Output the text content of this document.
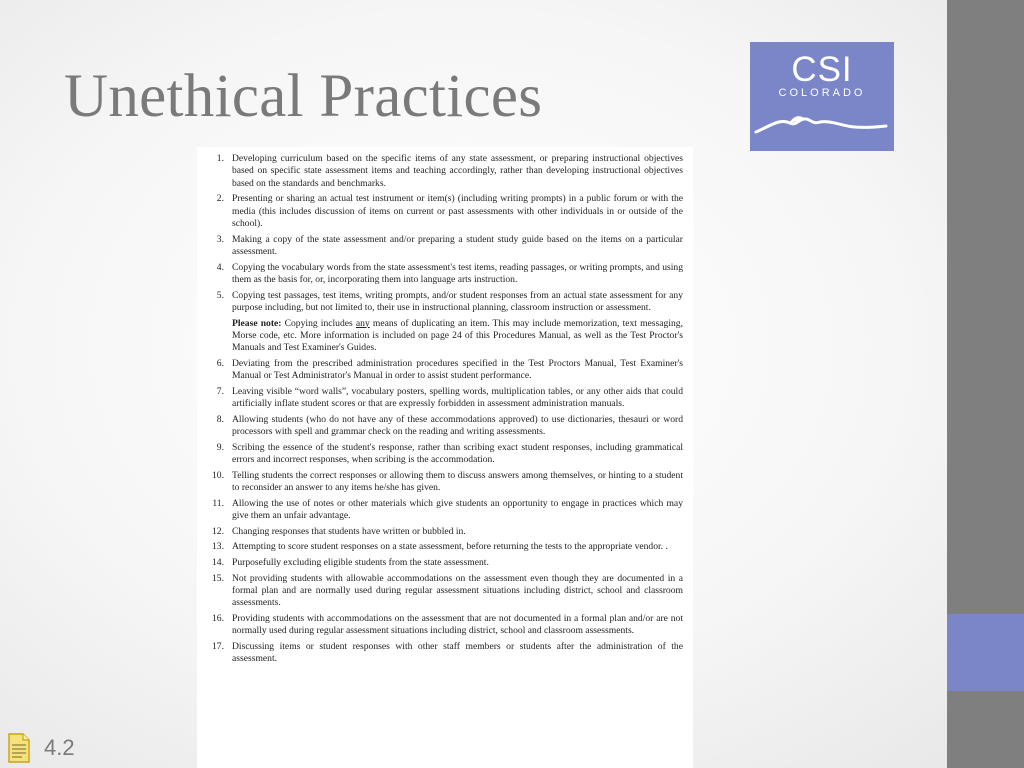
Unethical Practices	CSI
COLORADO
1. Developing curriculum based on the specific items of any state assessment, or preparing instructional objectives based on specific state assessment items and teaching accordingly, rather than developing instructional objectives based on the standards and benchmarks.
2. Presenting or sharing an actual test instrument or item(s) (including writing prompts) in a public forum or with the media (this includes discussion of items on current or past assessments with other individuals in or outside of the school).
3. Making a copy of the state assessment and/or preparing a student study guide based on the items on a particular assessment.
4. Copying the vocabulary words from the state assessment's test items, reading passages, or writing prompts, and using them as the basis for, or, incorporating them into language arts instruction.
5. Copying test passages, test items, writing prompts, and/or student responses from an actual state assessment for any purpose including, but not limited to, their use in instructional planning, classroom instruction or assessment.
Please note: Copying includes any means of duplicating an item. This may include memorization, text messaging, Morse code, etc. More information is included on page 24 of this Procedures Manual, as well as the Test Proctor's Manuals and Test Examiner's Guides.
6. Deviating from the prescribed administration procedures specified in the Test Proctors Manual, Test Examiner's Manual or Test Administrator's Manual in order to assist student performance.
7. Leaving visible “word walls”, vocabulary posters, spelling words, multiplication tables, or any other aids that could artificially inflate student scores or that are expressly forbidden in assessment administration manuals.
8. Allowing students (who do not have any of these accommodations approved) to use dictionaries, thesauri or word processors with spell and grammar check on the reading and writing assessments.
9. Scribing the essence of the student's response, rather than scribing exact student responses, including grammatical errors and incorrect responses, when scribing is the accommodation.
10. Telling students the correct responses or allowing them to discuss answers among themselves, or hinting to a student to reconsider an answer to any items he/she has given.
11. Allowing the use of notes or other materials which give students an opportunity to engage in practices which may give them an unfair advantage.
12. Changing responses that students have written or bubbled in.
13. Attempting to score student responses on a state assessment, before returning the tests to the appropriate vendor. .
14. Purposefully excluding eligible students from the state assessment.
15. Not providing students with allowable accommodations on the assessment even though they are documented in a formal plan and are normally used during regular assessment situations including district, school and classroom assessments.
16. Providing students with accommodations on the assessment that are not documented in a formal plan and/or are not normally used during regular assessment situations including district, school and classroom assessments.
17. Discussing items or student responses with other staff members or students after the administration of the assessment.
4.2
